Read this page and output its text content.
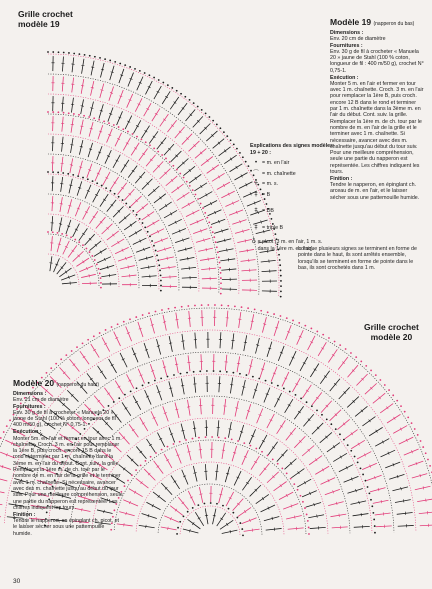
Grille crochet
modèle 19	Modèle 19 (napperon du bas)
Dimensions :
Env. 20 cm de diamètre
Fournitures :
Env. 30 g de fil à crocheter « Manuela 20 » jaune de Stahl (100 % coton, longueur de fil : 400 m/50 g), crochet N° 0,75-1.
Exécution :
Monter 5 m. en l'air et fermer en tour avec 1 m. chaînette. Croch. 3 m. en l'air pour remplacer la 1ère B, puis croch. encore 12 B dans le rond et terminer par 1 m. chaînette dans la 3ème m. en l'air du début. Cont. suiv. la grille. Remplacer la 1ère m. de ch. tour par le nombre de m. en l'air de la grille et le terminer avec 1 m. chaînette. Si nécessaire, avancer avec des m. chaînette jusqu'au début du tour suiv. Pour une meilleure compréhension, seule une partie du napperon est représentée. Les chiffres indiquent les tours.
Finition :
Tendre le napperon, en épinglant ch. arceau de m. en l'air, et le laisser sécher sous une pattemouille humide.
Lorsque plusieurs signes se terminent en forme de pointe dans le haut, ils sont arrêtés ensemble, lorsqu'ils se terminent en forme de pointe dans le bas, ils sont crochetés dans 1 m.
Explications des signes modèles 19 + 20 :
• = m. en l'air
⌒ = m. chaînette
+ = m. s.
‡ = B
‡ = DB
‡ = triple B
♁ = picot (3 m. en l'air, 1 m. s. dans la 1ère m. en l'air)
Grille crochet
modèle 20
Modèle 20 (napperon du haut)
Dimensions :
Env. 21 cm de diamètre
Fournitures :
Env. 30 g de fil à crocheter « Manuela 20 » jaune de Stahl (100 % coton, longueur de fil : 400 m/50 g), crochet N° 0,75-1.
Exécution :
Monter 5m. en l'air et fermer en tour avec 1 m. chaînette. Croch. 3 m. en l'air pour remplacer la 1ère B, puis croch. encore 15 B dans le rond et terminer par 1 m. chaînette dans la 3ème m. en l'air du début. Cont. suiv. la grille. Remplacer la 1ère m. de ch. tour par le nombre de m. en l'air de la grille et le terminer avec 1 m. chaînette. Si nécessaire, avancer avec des m. chaînette jusqu'au début du tour suiv. Pour une meilleure compréhension, seule une partie du napperon est représentée. Les chiffres indiquent les tours.
Finition :
Tendre le napperon, en épinglant ch. picot, et le laisser sécher sous une pattemouille humide.
30
